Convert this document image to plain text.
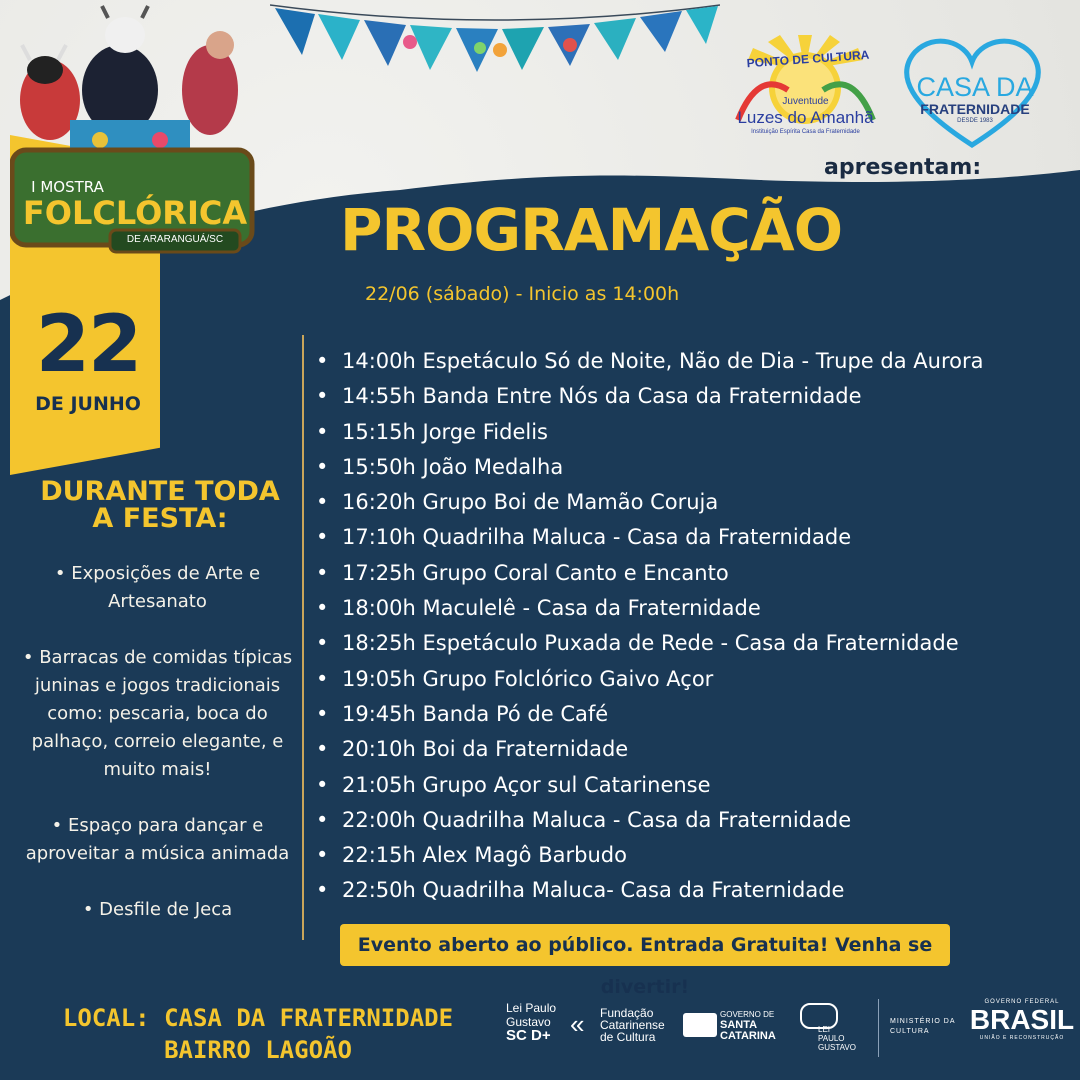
PONTO DE CULTURA
Juventude
Luzes do Amanhã
Instituição Espírita Casa da Fraternidade
CASA DA
FRATERNIDADE
DESDE 1983
apresentam:
I MOSTRA
FOLCLÓRICA
DE ARARANGUÁ/SC
22
DE JUNHO
DURANTE TODA A FESTA:
• Exposições de Arte e Artesanato
• Barracas de comidas típicas juninas e jogos tradicionais como: pescaria, boca do palhaço, correio elegante, e muito mais!
• Espaço para dançar e aproveitar a música animada
• Desfile de Jeca
PROGRAMAÇÃO
22/06 (sábado) - Inicio as 14:00h
• 14:00h Espetáculo Só de Noite, Não de Dia - Trupe da Aurora
• 14:55h Banda Entre Nós da Casa da Fraternidade
• 15:15h Jorge Fidelis
• 15:50h João Medalha
• 16:20h Grupo Boi de Mamão Coruja
• 17:10h Quadrilha Maluca - Casa da Fraternidade
• 17:25h Grupo Coral Canto e Encanto
• 18:00h Maculelê - Casa da Fraternidade
• 18:25h Espetáculo Puxada de Rede - Casa da Fraternidade
• 19:05h Grupo Folclórico Gaivo Açor
• 19:45h Banda Pó de Café
• 20:10h Boi da Fraternidade
• 21:05h Grupo Açor sul Catarinense
• 22:00h Quadrilha Maluca - Casa da Fraternidade
• 22:15h Alex Magô Barbudo
• 22:50h Quadrilha Maluca- Casa da Fraternidade
Evento aberto ao público. Entrada Gratuita! Venha se divertir!
LOCAL: CASA DA FRATERNIDADE
BAIRRO LAGOÃO
Lei Paulo
Gustavo
SC D+ « Fundação
Catarinense
de Cultura
GOVERNO DE
SANTA
CATARINA
LEI
PAULO
GUSTAVO
MINISTÉRIO DA
CULTURA
GOVERNO FEDERAL
BRASIL
UNIÃO E RECONSTRUÇÃO
